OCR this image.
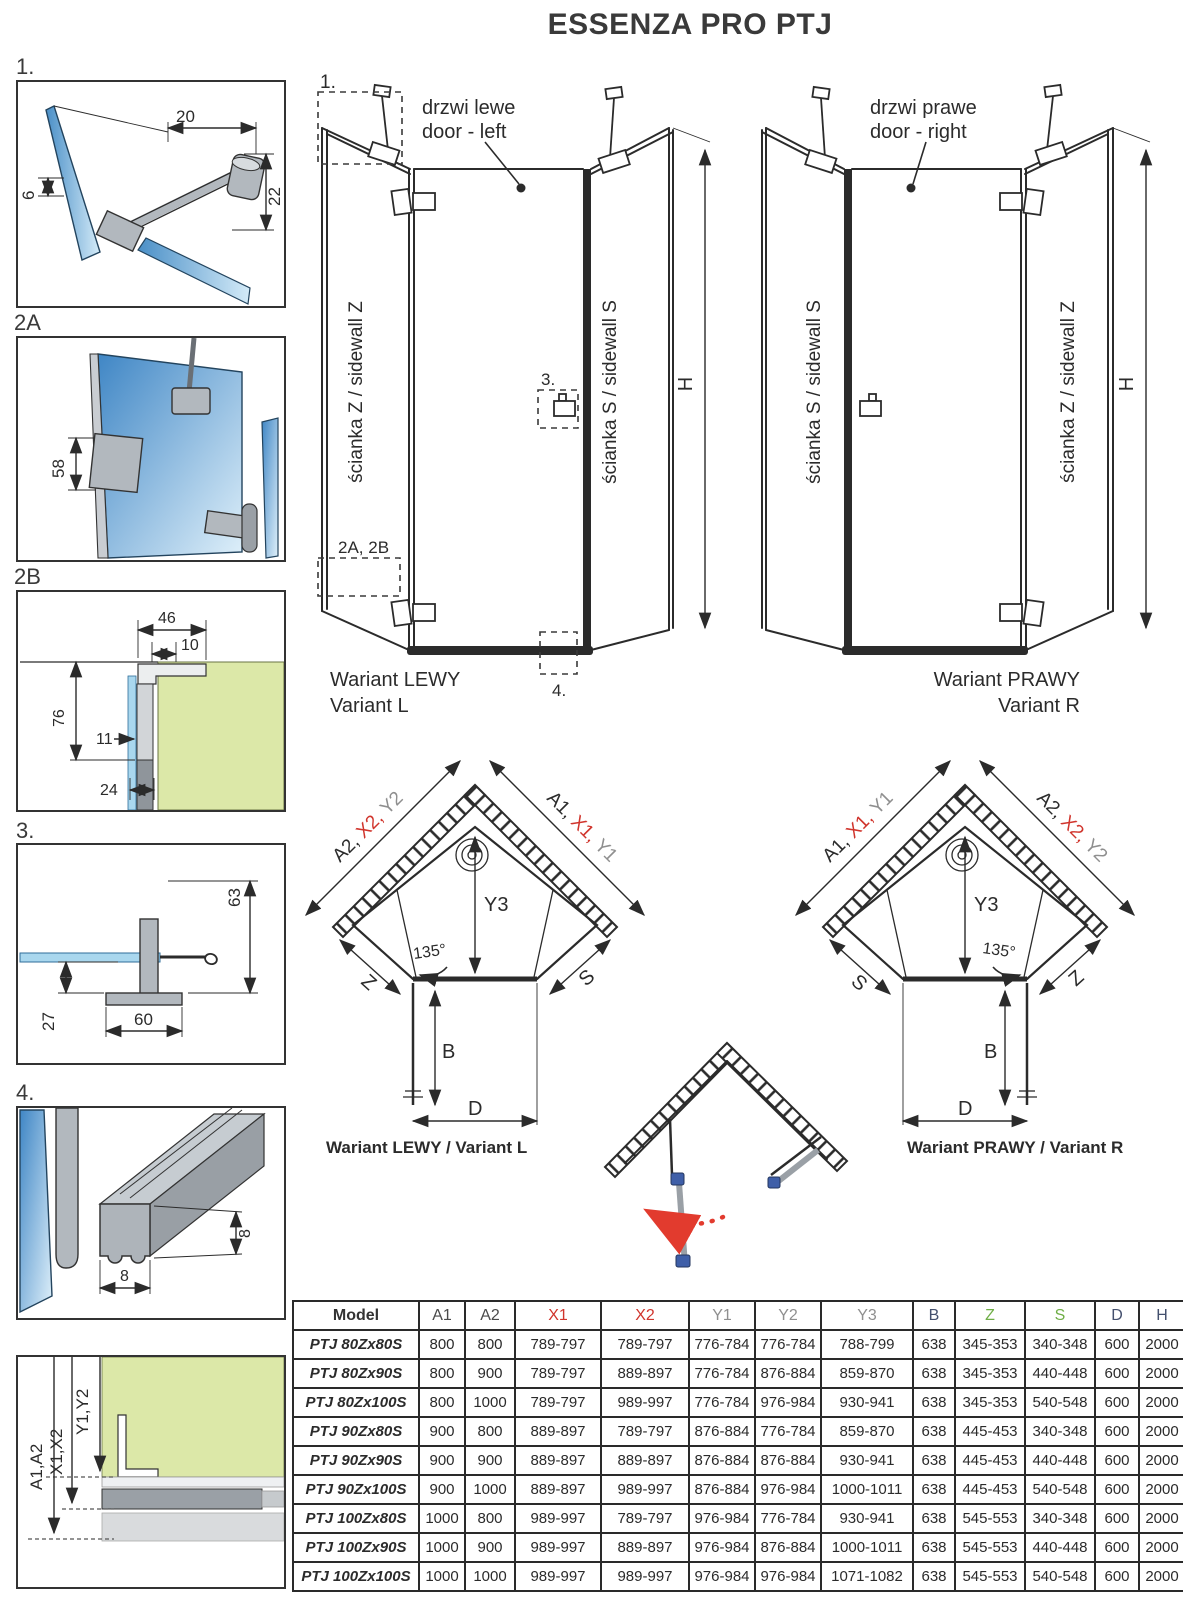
ESSENZA PRO PTJ
1.
20
6	22
2A
58
2B
46
10
76
11
24
3.
63
27	60
4.
8
8
A1,A2 X1,X2
Y1,Y2
1.
drzwi lewe
door - left
ścianka Z / sidewall Z	ścianka S / sidewall S
3.
2A, 2B
4.
H
Wariant LEWY
Variant L
drzwi prawe
door - right
ścianka S / sidewall S	ścianka Z / sidewall Z H
Wariant PRAWY
Variant R
Y3
135°
Z	S
B
D
A2, X2, Y2	A1, X1, Y1
Wariant LEWY / Variant L
Y3
135°
S	Z
B
D
A1, X1, Y1	A2, X2, Y2
Wariant PRAWY / Variant R
Model	A1	A2	X1	X2	Y1	Y2	Y3	B	Z	S	D	H
PTJ 80Zx80S	800	800	789-797	789-797	776-784	776-784	788-799	638	345-353	340-348	600	2000
PTJ 80Zx90S	800	900	789-797	889-897	776-784	876-884	859-870	638	345-353	440-448	600	2000
PTJ 80Zx100S	800	1000	789-797	989-997	776-784	976-984	930-941	638	345-353	540-548	600	2000
PTJ 90Zx80S	900	800	889-897	789-797	876-884	776-784	859-870	638	445-453	340-348	600	2000
PTJ 90Zx90S	900	900	889-897	889-897	876-884	876-884	930-941	638	445-453	440-448	600	2000
PTJ 90Zx100S	900	1000	889-897	989-997	876-884	976-984	1000-1011	638	445-453	540-548	600	2000
PTJ 100Zx80S	1000	800	989-997	789-797	976-984	776-784	930-941	638	545-553	340-348	600	2000
PTJ 100Zx90S	1000	900	989-997	889-897	976-984	876-884	1000-1011	638	545-553	440-448	600	2000
PTJ 100Zx100S	1000	1000	989-997	989-997	976-984	976-984	1071-1082	638	545-553	540-548	600	2000
